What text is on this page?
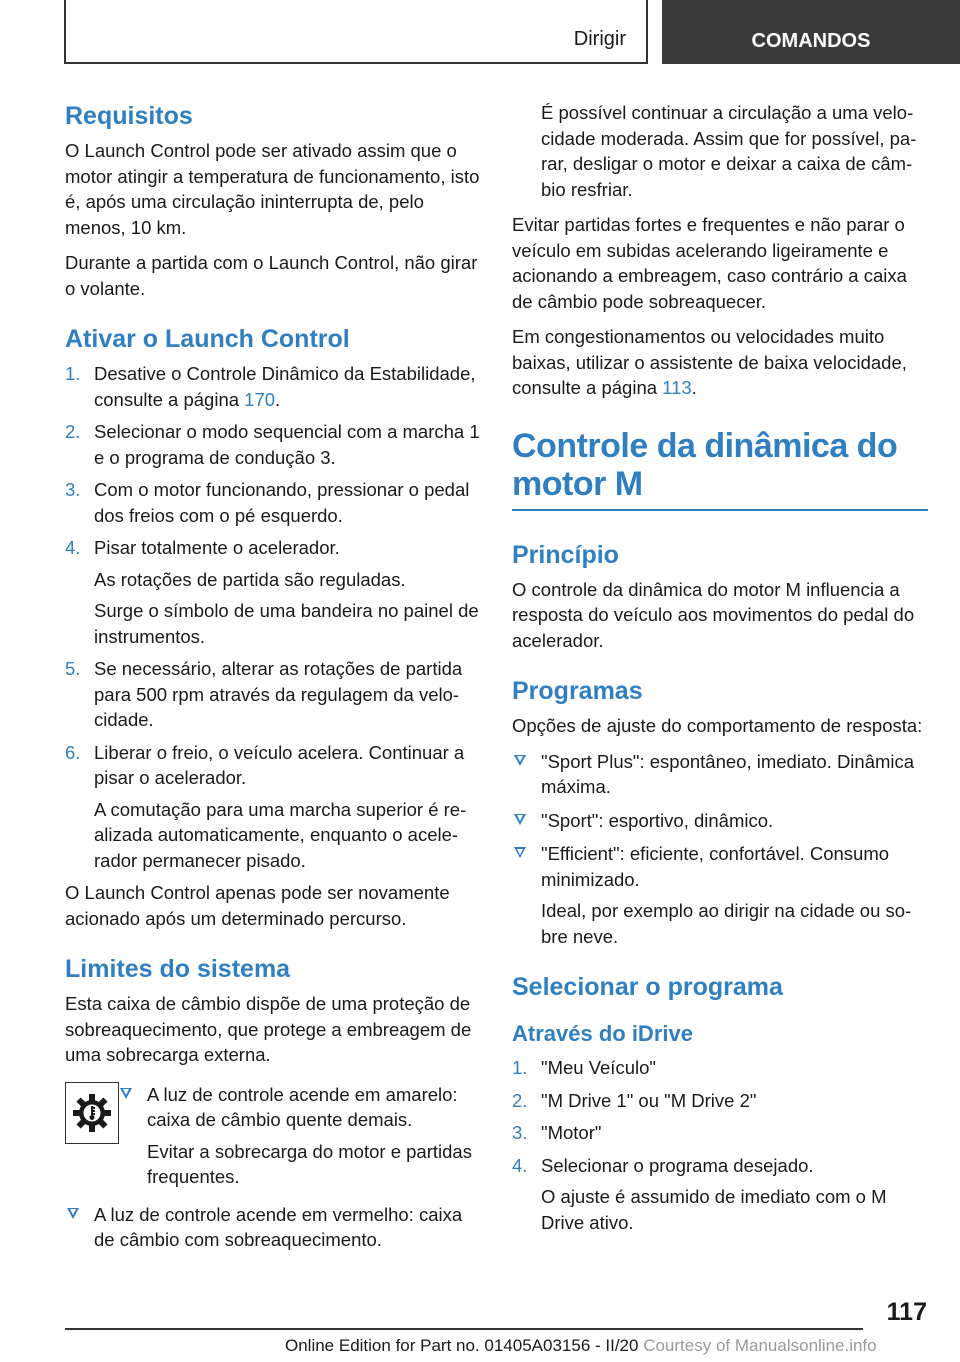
Dirigir	COMANDOS
Requisitos

O Launch Control pode ser ativado assim que o motor atingir a temperatura de funcionamento, isto é, após uma circulação ininterrupta de, pelo menos, 10 km.

Durante a partida com o Launch Control, não girar o volante.

Ativar o Launch Control
1. Desative o Controle Dinâmico da Estabilidade, consulte a página 170.

2. Selecionar o modo sequencial com a marcha 1 e o programa de condução 3.

3. Com o motor funcionando, pressionar o pedal dos freios com o pé esquerdo.

4. Pisar totalmente o acelerador.

As rotações de partida são reguladas.

Surge o símbolo de uma bandeira no painel de instrumentos.

5. Se necessário, alterar as rotações de partida para 500 rpm através da regulagem da velocidade.

6. Liberar o freio, o veículo acelera. Continuar a pisar o acelerador.

A comutação para uma marcha superior é realizada automaticamente, enquanto o acelerador permanecer pisado.

O Launch Control apenas pode ser novamente acionado após um determinado percurso.

Limites do sistema

Esta caixa de câmbio dispõe de uma proteção de sobreaquecimento, que protege a embreagem de uma sobrecarga externa.

A luz de controle acende em amarelo: caixa de câmbio quente demais.

Evitar a sobrecarga do motor e partidas frequentes.

A luz de controle acende em vermelho: caixa de câmbio com sobreaquecimento.

É possível continuar a circulação a uma velocidade moderada. Assim que for possível, parar, desligar o motor e deixar a caixa de câmbio resfriar.

Evitar partidas fortes e frequentes e não parar o veículo em subidas acelerando ligeiramente e acionando a embreagem, caso contrário a caixa de câmbio pode sobreaquecer.

Em congestionamentos ou velocidades muito baixas, utilizar o assistente de baixa velocidade, consulte a página 113.

Controle da dinâmica do motor M
Princípio

O controle da dinâmica do motor M influencia a resposta do veículo aos movimentos do pedal do acelerador.

Programas

Opções de ajuste do comportamento de resposta:

"Sport Plus": espontâneo, imediato. Dinâmica máxima.

"Sport": esportivo, dinâmico.

"Efficient": eficiente, confortável. Consumo minimizado.

Ideal, por exemplo ao dirigir na cidade ou sobre neve.

Selecionar o programa
Através do iDrive
1. "Meu Veículo"

2. "M Drive 1" ou "M Drive 2"

3. "Motor"

4. Selecionar o programa desejado.

O ajuste é assumido de imediato com o M Drive ativo.

117
Online Edition for Part no. 01405A03156 - II/20 Courtesy of Manualsonline.info
